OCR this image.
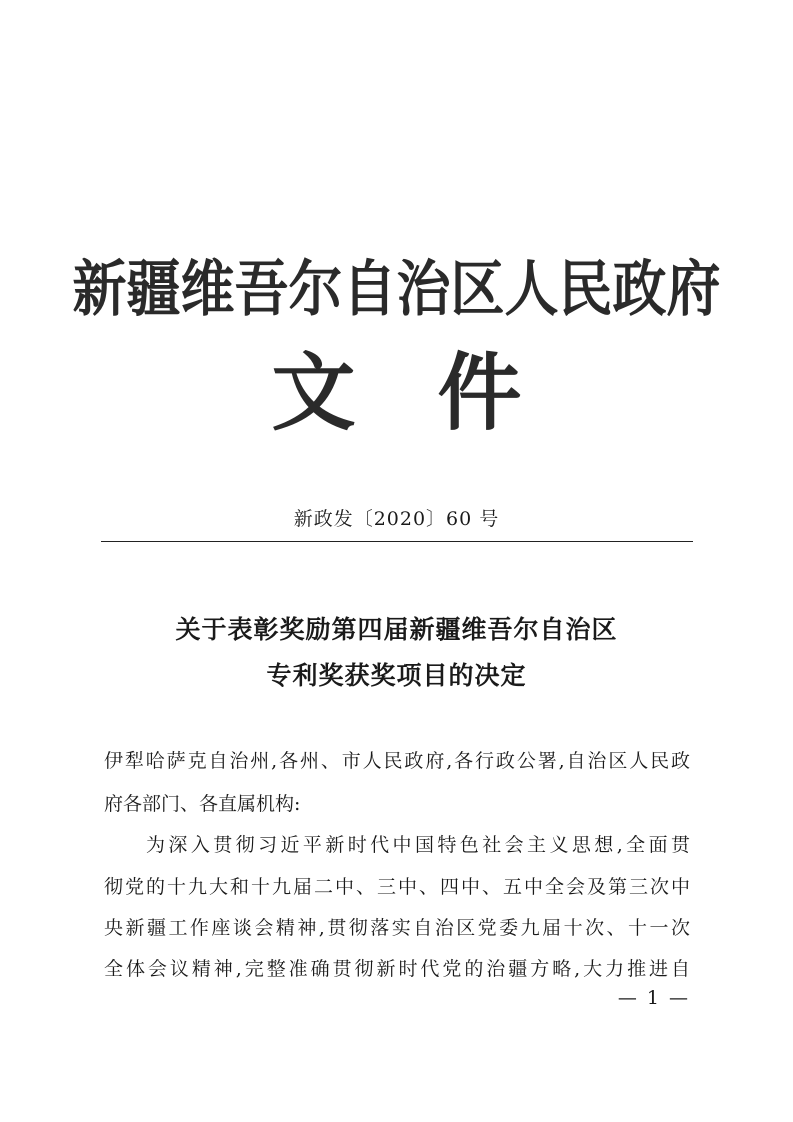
新疆维吾尔自治区人民政府
文件
新政发〔2020〕60 号
关于表彰奖励第四届新疆维吾尔自治区
专利奖获奖项目的决定
伊犁哈萨克自治州,各州、市人民政府,各行政公署,自治区人民政
府各部门、各直属机构:
为深入贯彻习近平新时代中国特色社会主义思想,全面贯
彻党的十九大和十九届二中、三中、四中、五中全会及第三次中
央新疆工作座谈会精神,贯彻落实自治区党委九届十次、十一次
全体会议精神,完整准确贯彻新时代党的治疆方略,大力推进自
— 1 —
